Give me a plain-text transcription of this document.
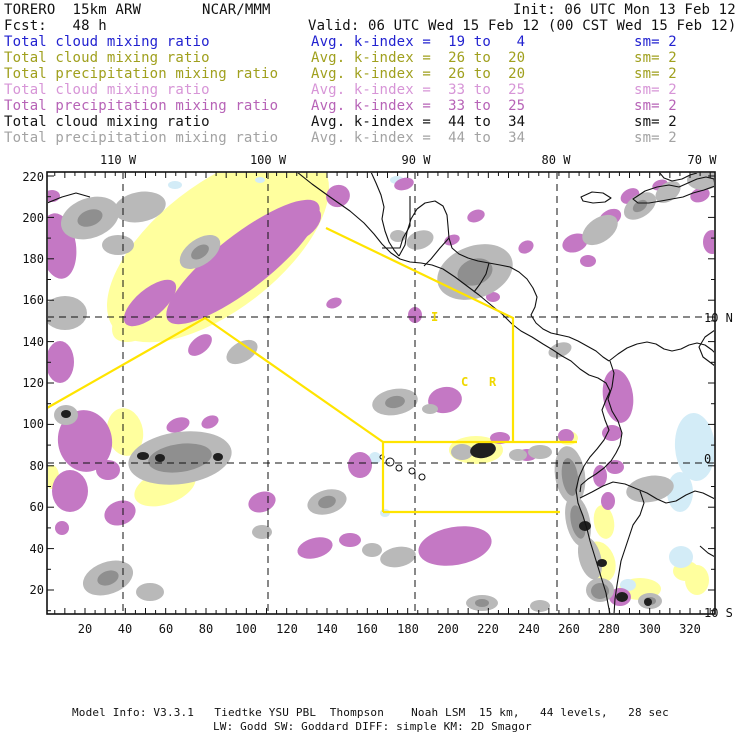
TORERO  15km ARW	NCAR/MMM	Init: 06 UTC Mon 13 Feb 12
Fcst:   48 h	Valid: 06 UTC Wed 15 Feb 12 (00 CST Wed 15 Feb 12)
Total cloud mixing ratio	Avg. k-index =  19 to   4	sm= 2
Total cloud mixing ratio	Avg. k-index =  26 to  20	sm= 2
Total precipitation mixing ratio Avg. k-index =  26 to  20	sm= 2
Total cloud mixing ratio	Avg. k-index =  33 to  25	sm= 2
Total precipitation mixing ratio Avg. k-index =  33 to  25	sm= 2
Total cloud mixing ratio	Avg. k-index =  44 to  34	sm= 2
Total precipitation mixing ratio Avg. k-index =  44 to  34	sm= 2
110 W	100 W	90 W	80 W	70 W
20 40 60 80 100 120 140 160 180 200 220 240 260 280 300 320
220
200
180
160
140
120
100
80
60
40
20
10 N
0
10 S
C R
I
Model Info: V3.3.1   Tiedtke YSU PBL  Thompson    Noah LSM  15 km,   44 levels,   28 sec
LW: Godd SW: Goddard DIFF: simple KM: 2D Smagor
